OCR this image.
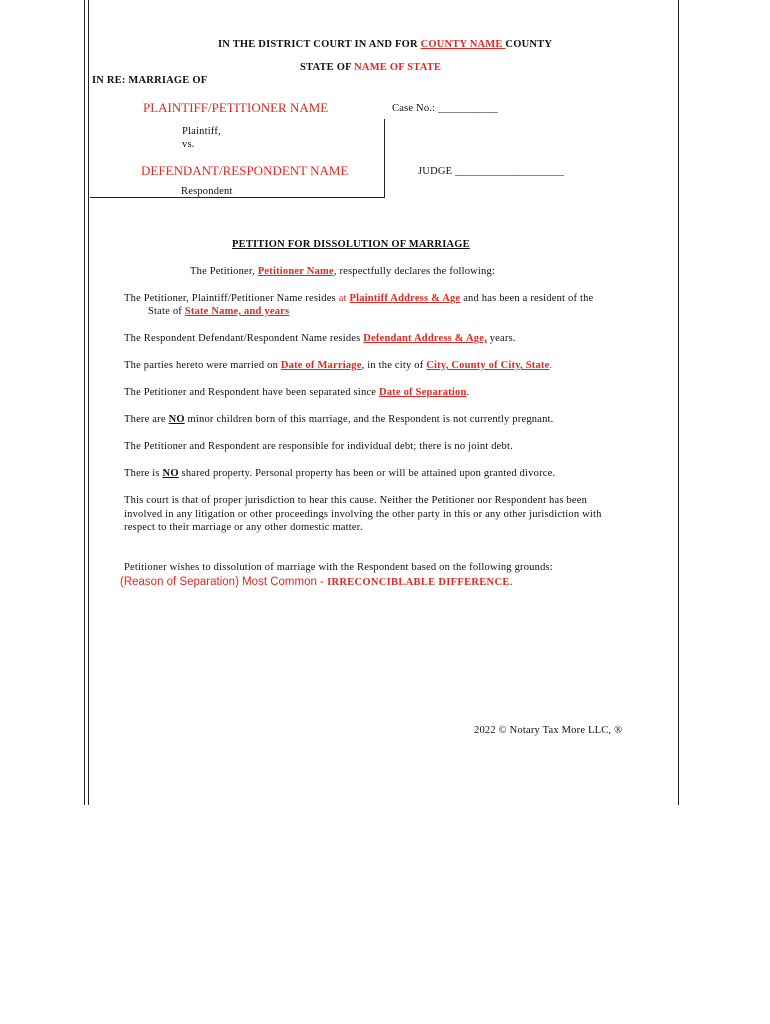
IN THE DISTRICT COURT IN AND FOR COUNTY NAME COUNTY
STATE OF NAME OF STATE
IN RE: MARRIAGE OF
PLAINTIFF/PETITIONER NAME	Case No.: ___________
Plaintiff,
vs.
DEFENDANT/RESPONDENT NAME	JUDGE ____________________
Respondent
PETITION FOR DISSOLUTION OF MARRIAGE
The Petitioner, Petitioner Name, respectfully declares the following:
The Petitioner, Plaintiff/Petitioner Name resides at Plaintiff Address & Age and has been a resident of the
State of State Name, and years
The Respondent Defendant/Respondent Name resides Defendant Address & Age, years.
The parties hereto were married on Date of Marriage, in the city of City, County of City, State.
The Petitioner and Respondent have been separated since Date of Separation.
There are NO minor children born of this marriage, and the Respondent is not currently pregnant.
The Petitioner and Respondent are responsible for individual debt; there is no joint debt.
There is NO shared property. Personal property has been or will be attained upon granted divorce.
This court is that of proper jurisdiction to hear this cause. Neither the Petitioner nor Respondent has been
involved in any litigation or other proceedings involving the other party in this or any other jurisdiction with
respect to their marriage or any other domestic matter.
Petitioner wishes to dissolution of marriage with the Respondent based on the following grounds:
(Reason of Separation) Most Common - IRRECONCIBLABLE DIFFERENCE.
2022 © Notary Tax More LLC, ®
